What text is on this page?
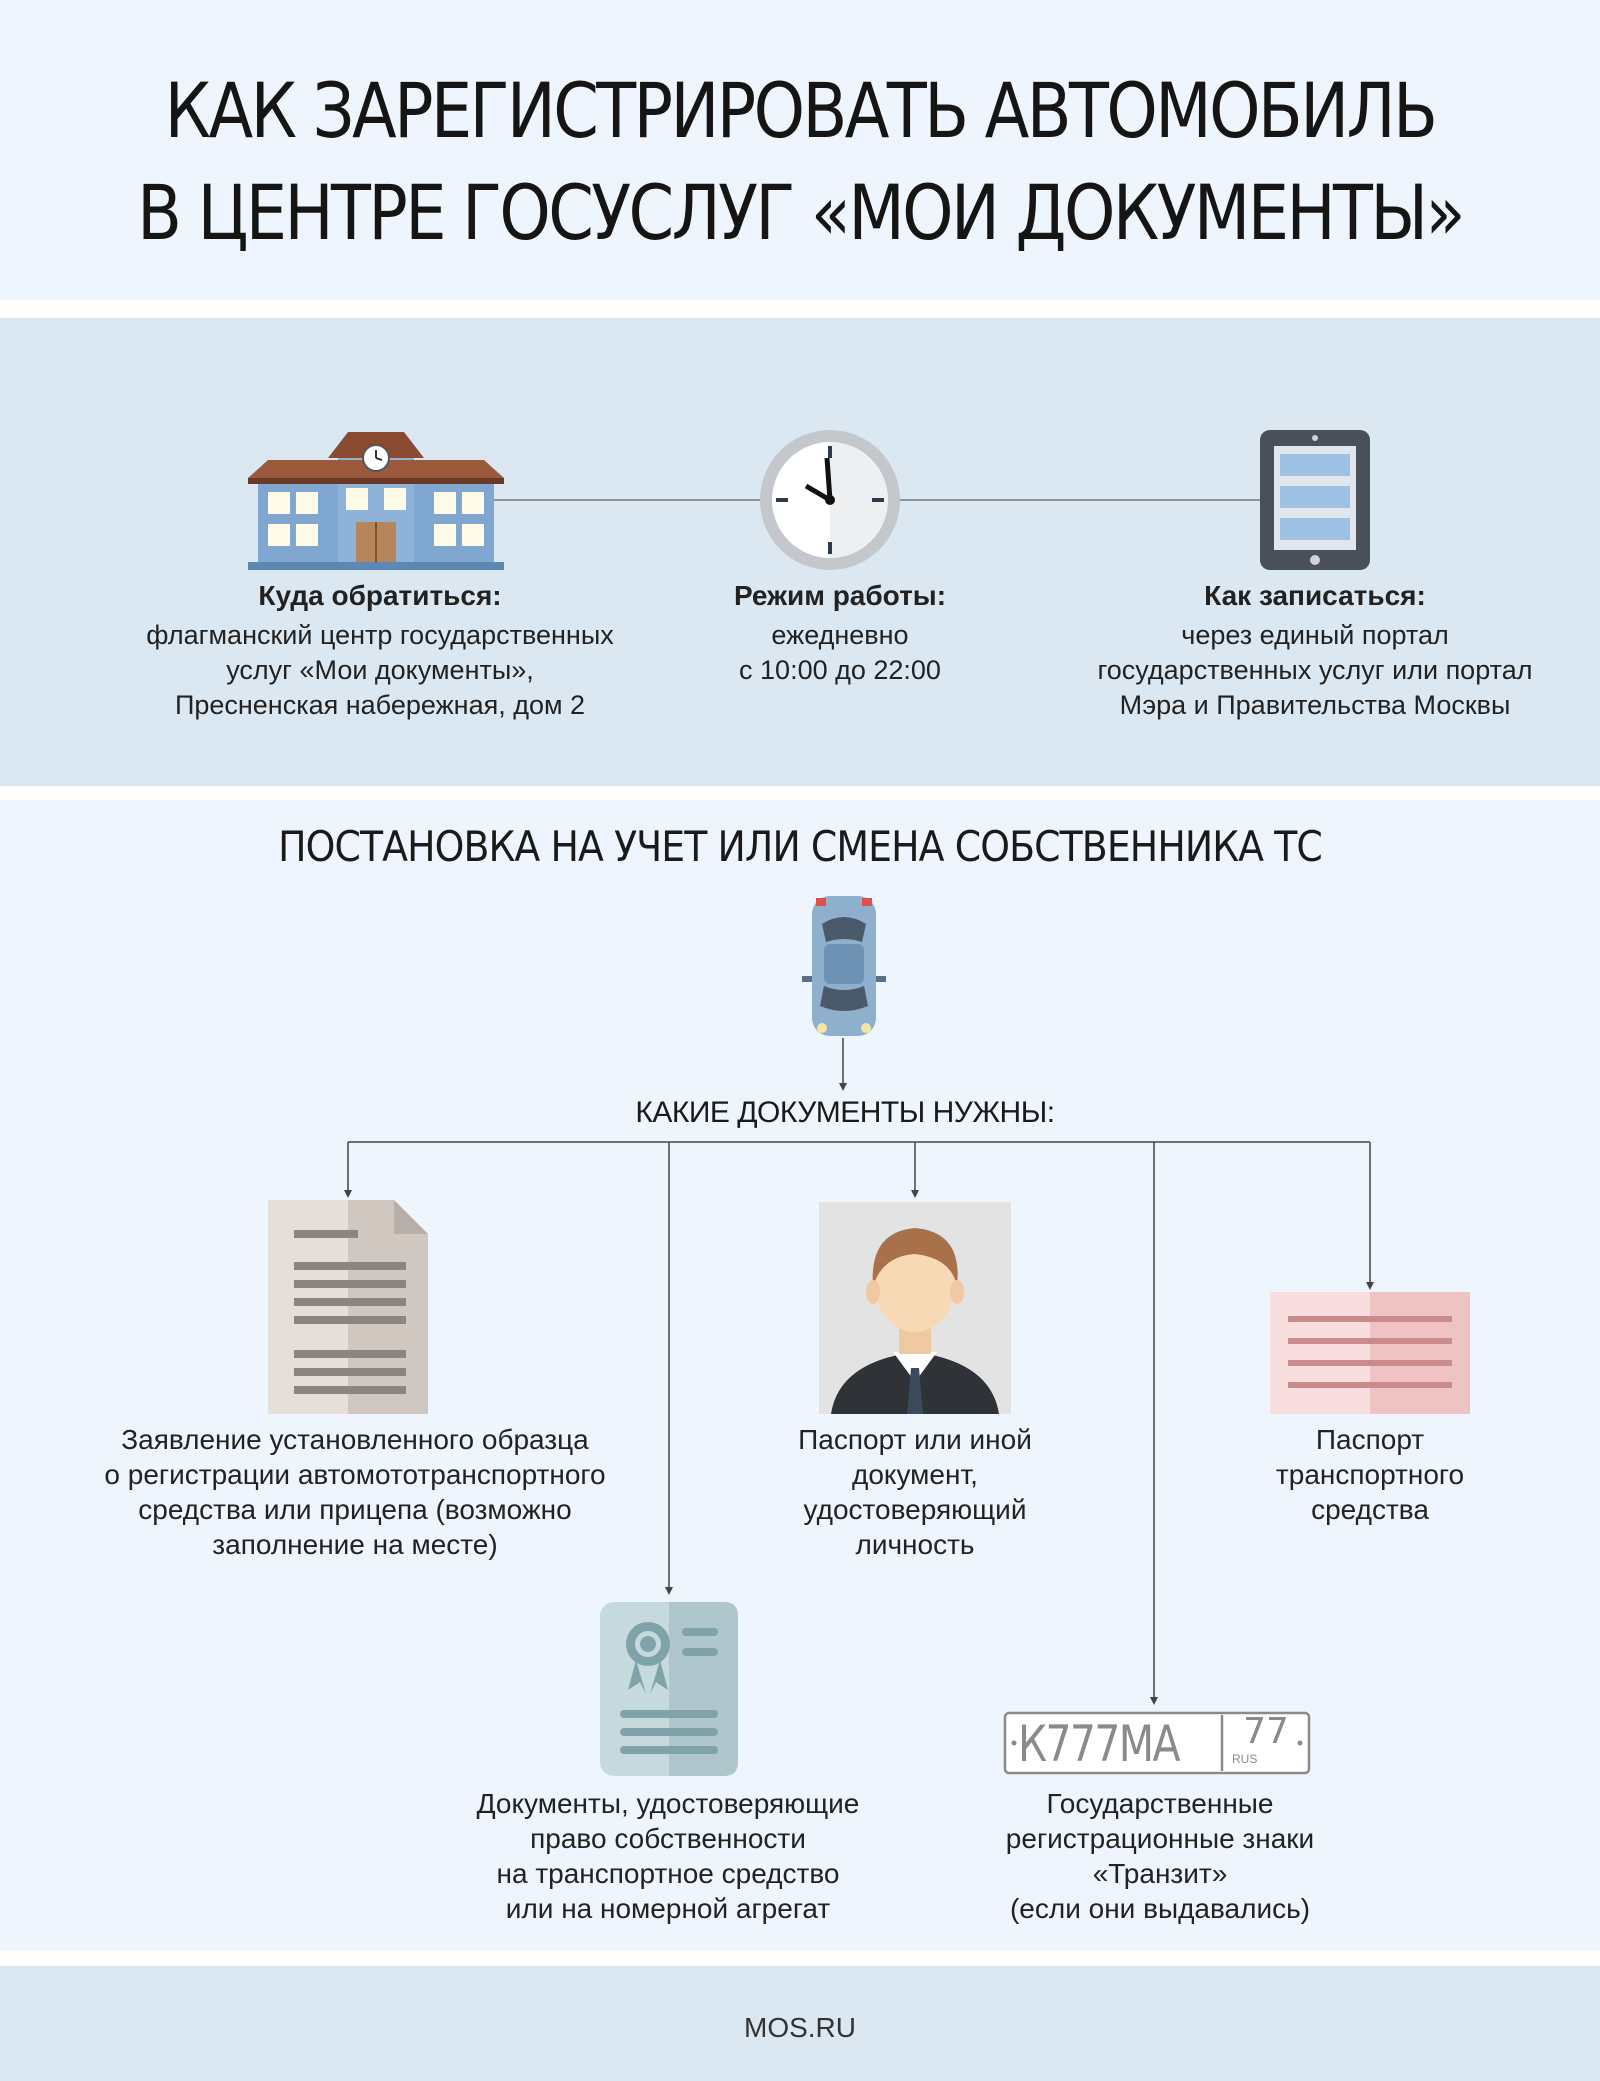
КАК ЗАРЕГИСТРИРОВАТЬ АВТОМОБИЛЬ
В ЦЕНТРЕ ГОСУСЛУГ «МОИ ДОКУМЕНТЫ»
Куда обратиться:
флагманский центр государственных
услуг «Мои документы»,
Пресненская набережная, дом 2
Режим работы:
ежедневно
с 10:00 до 22:00
Как записаться:
через единый портал
государственных услуг или портал
Мэра и Правительства Москвы
ПОСТАНОВКА НА УЧЕТ ИЛИ СМЕНА СОБСТВЕННИКА ТС
КАКИЕ ДОКУМЕНТЫ НУЖНЫ:
К777МА	77
RUS
Заявление установленного образца
о регистрации автомототранспортного
средства или прицепа (возможно
заполнение на месте)
Паспорт или иной
документ,
удостоверяющий
личность
Паспорт
транспортного
средства
Документы, удостоверяющие
право собственности
на транспортное средство
или на номерной агрегат
Государственные
регистрационные знаки
«Транзит»
(если они выдавались)
MOS.RU
